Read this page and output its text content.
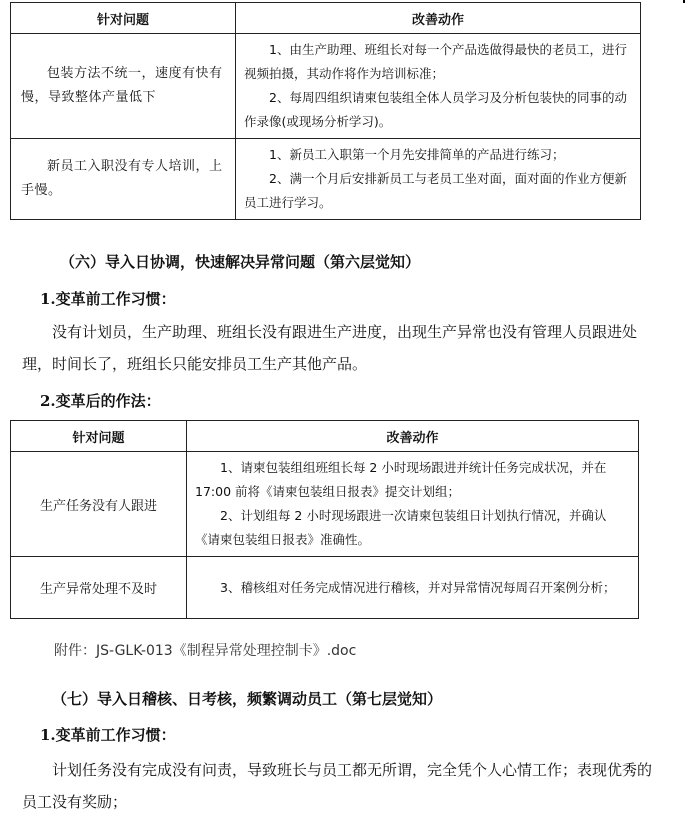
针对问题	改善动作
包装方法不统一，速度有快有慢，导致整体产量低下	1、由生产助理、班组长对每一个产品选做得最快的老员工，进行视频拍摄，其动作将作为培训标准；

2、每周四组织请柬包装组全体人员学习及分析包装快的同事的动作录像(或现场分析学习)。

新员工入职没有专人培训，上手慢。	1、新员工入职第一个月先安排简单的产品进行练习；

2、满一个月后安排新员工与老员工坐对面，面对面的作业方便新员工进行学习。

（六）导入日协调，快速解决异常问题（第六层觉知）
1.变革前工作习惯：
没有计划员，生产助理、班组长没有跟进生产进度，出现生产异常也没有管理人员跟进处理，时间长了，班组长只能安排员工生产其他产品。
2.变革后的作法：
针对问题	改善动作
生产任务没有人跟进	1、请柬包装组组班组长每 2 小时现场跟进并统计任务完成状况，并在 17:00 前将《请柬包装组日报表》提交计划组；

2、计划组每 2 小时现场跟进一次请柬包装组日计划执行情况，并确认《请柬包装组日报表》准确性。

生产异常处理不及时	3、稽核组对任务完成情况进行稽核，并对异常情况每周召开案例分析；

附件：JS-GLK-013《制程异常处理控制卡》.doc
（七）导入日稽核、日考核，频繁调动员工（第七层觉知）
1.变革前工作习惯：
计划任务没有完成没有问责，导致班长与员工都无所谓，完全凭个人心情工作；表现优秀的员工没有奖励；
